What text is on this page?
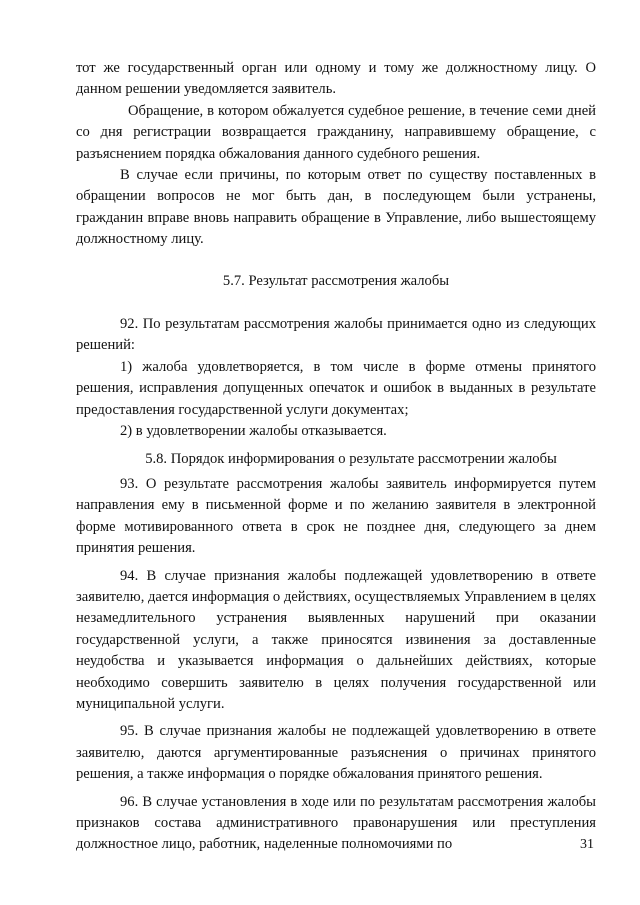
тот же государственный орган или одному и тому же должностному лицу. О данном решении уведомляется заявитель.

Обращение, в котором обжалуется судебное решение, в течение семи дней со дня регистрации возвращается гражданину, направившему обращение, с разъяснением порядка обжалования данного судебного решения.

В случае если причины, по которым ответ по существу поставленных в обращении вопросов не мог быть дан, в последующем были устранены, гражданин вправе вновь направить обращение в Управление, либо вышестоящему должностному лицу.

5.7. Результат рассмотрения жалобы

92. По результатам рассмотрения жалобы принимается одно из следующих решений:

1) жалоба удовлетворяется, в том числе в форме отмены принятого решения, исправления допущенных опечаток и ошибок в выданных в результате предоставления государственной услуги документах;

2) в удовлетворении жалобы отказывается.

5.8. Порядок информирования о результате рассмотрении жалобы

93. О результате рассмотрения жалобы заявитель информируется путем направления ему в письменной форме и по желанию заявителя в электронной форме мотивированного ответа в срок не позднее дня, следующего за днем принятия решения.

94. В случае признания жалобы подлежащей удовлетворению в ответе заявителю, дается информация о действиях, осуществляемых Управлением в целях незамедлительного устранения выявленных нарушений при оказании государственной услуги, а также приносятся извинения за доставленные неудобства и указывается информация о дальнейших действиях, которые необходимо совершить заявителю в целях получения государственной или муниципальной услуги.

95. В случае признания жалобы не подлежащей удовлетворению в ответе заявителю, даются аргументированные разъяснения о причинах принятого решения, а также информация о порядке обжалования принятого решения.

96. В случае установления в ходе или по результатам рассмотрения жалобы признаков состава административного правонарушения или преступления должностное лицо, работник, наделенные полномочиями по	31
